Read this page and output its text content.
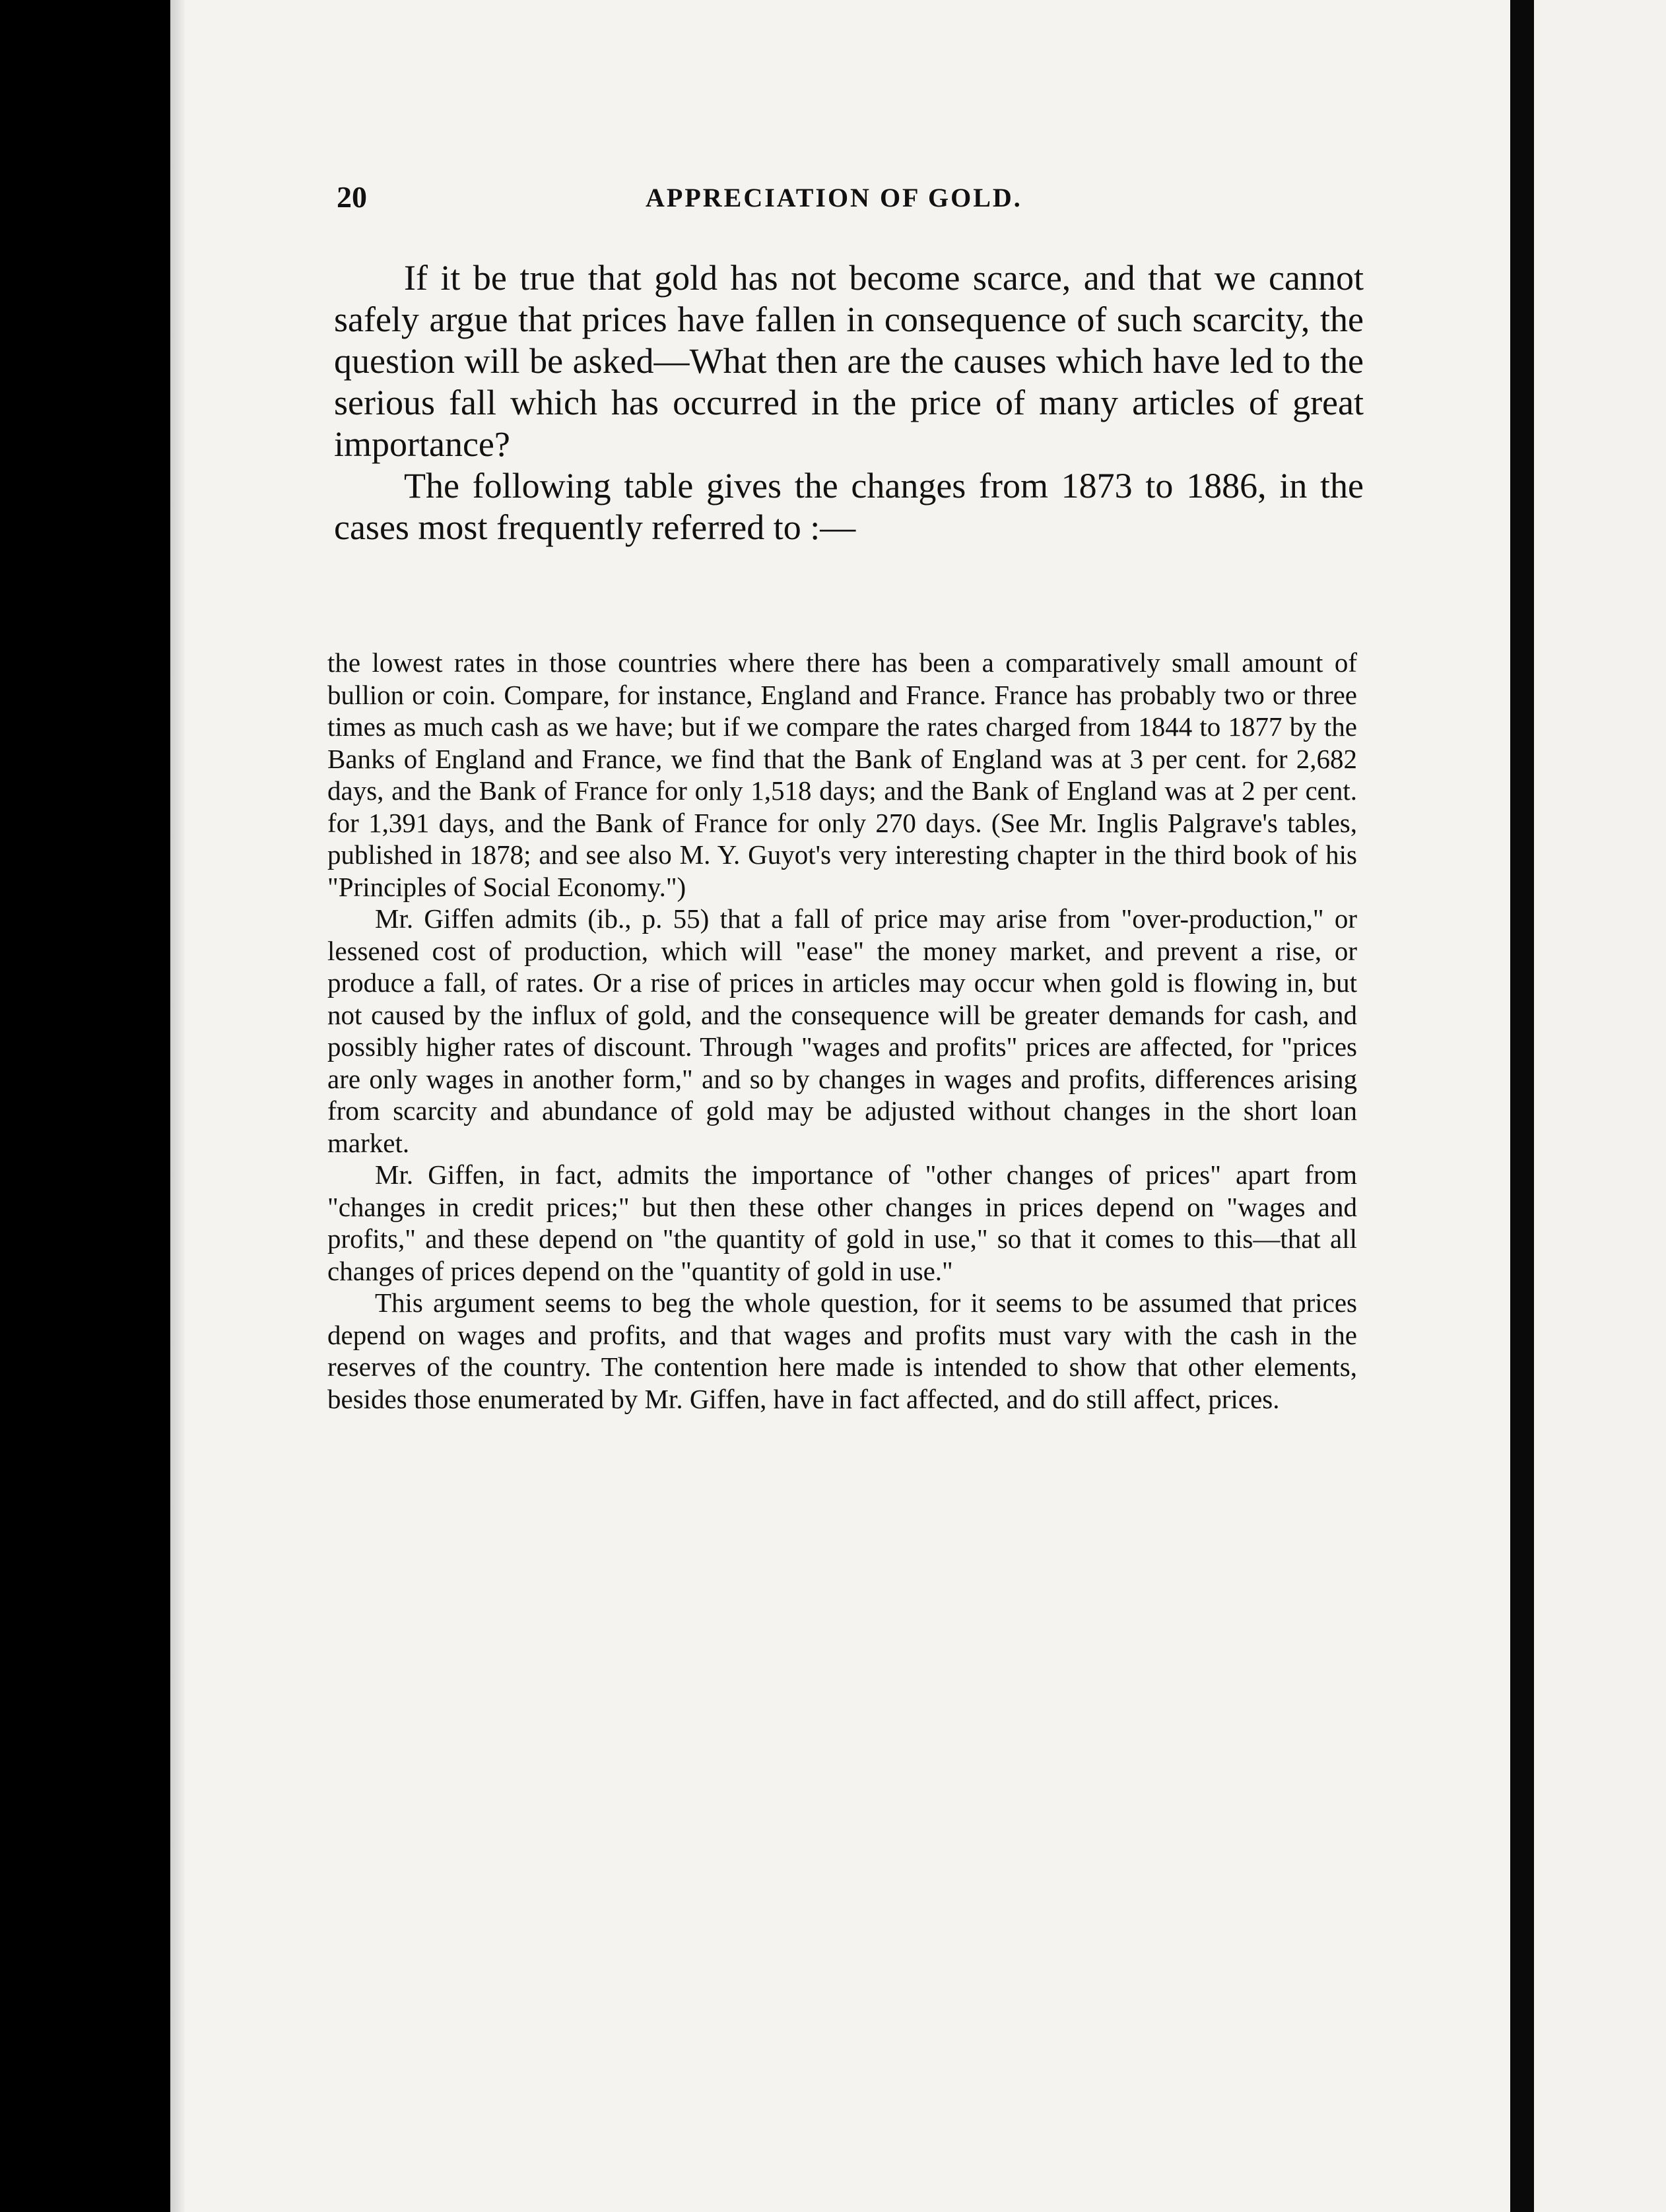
20	APPRECIATION OF GOLD.

If it be true that gold has not become scarce, and that we cannot safely argue that prices have fallen in consequence of such scarcity, the question will be asked—What then are the causes which have led to the serious fall which has occurred in the price of many articles of great importance?

The following table gives the changes from 1873 to 1886, in the cases most frequently referred to :—

the lowest rates in those countries where there has been a comparatively small amount of bullion or coin. Compare, for instance, England and France. France has probably two or three times as much cash as we have; but if we compare the rates charged from 1844 to 1877 by the Banks of England and France, we find that the Bank of England was at 3 per cent. for 2,682 days, and the Bank of France for only 1,518 days; and the Bank of England was at 2 per cent. for 1,391 days, and the Bank of France for only 270 days. (See Mr. Inglis Palgrave's tables, published in 1878; and see also M. Y. Guyot's very interesting chapter in the third book of his "Principles of Social Economy.")

Mr. Giffen admits (ib., p. 55) that a fall of price may arise from "over-production," or lessened cost of production, which will "ease" the money market, and prevent a rise, or produce a fall, of rates. Or a rise of prices in articles may occur when gold is flowing in, but not caused by the influx of gold, and the consequence will be greater demands for cash, and possibly higher rates of discount. Through "wages and profits" prices are affected, for "prices are only wages in another form," and so by changes in wages and profits, differences arising from scarcity and abundance of gold may be adjusted without changes in the short loan market.

Mr. Giffen, in fact, admits the importance of "other changes of prices" apart from "changes in credit prices;" but then these other changes in prices depend on "wages and profits," and these depend on "the quantity of gold in use," so that it comes to this—that all changes of prices depend on the "quantity of gold in use."

This argument seems to beg the whole question, for it seems to be assumed that prices depend on wages and profits, and that wages and profits must vary with the cash in the reserves of the country. The contention here made is intended to show that other elements, besides those enumerated by Mr. Giffen, have in fact affected, and do still affect, prices.
